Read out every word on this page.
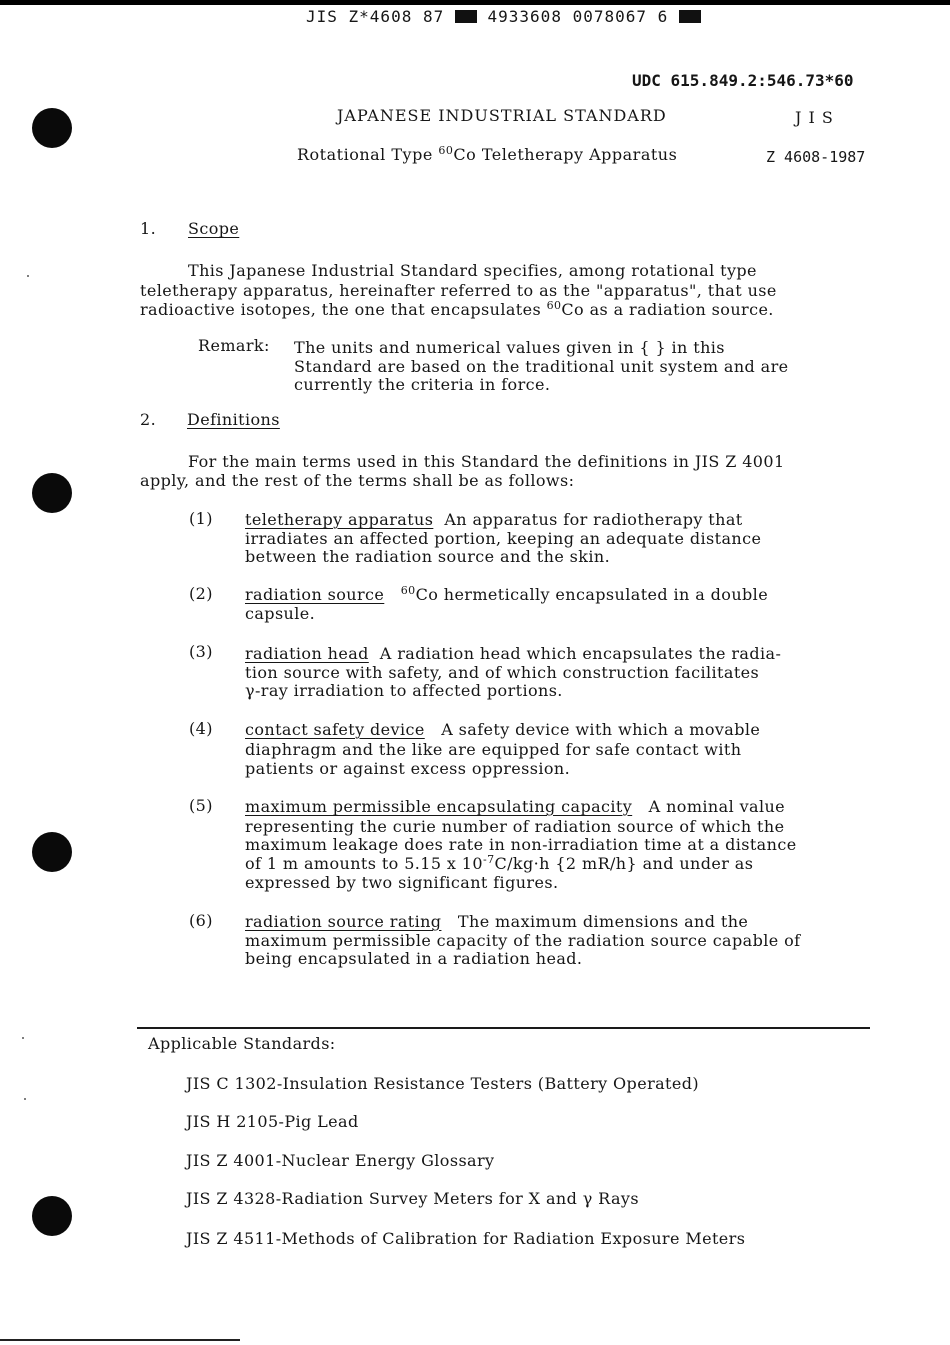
JIS Z*4608 87	4933608 0078067 6
UDC 615.849.2:546.73*60
JAPANESE INDUSTRIAL STANDARD	J I S
Rotational Type $^{60}$Co Teletherapy Apparatus	Z 4608-1987
1. Scope
This Japanese Industrial Standard specifies, among rotational type
teletherapy apparatus, hereinafter referred to as the "apparatus", that use
radioactive isotopes, the one that encapsulates $^{60}$Co as a radiation source.
Remark: The units and numerical values given in { } in this
Standard are based on the traditional unit system and are
currently the criteria in force.
2. Definitions
For the main terms used in this Standard the definitions in JIS Z 4001
apply, and the rest of the terms shall be as follows:
(1) teletherapy apparatus An apparatus for radiotherapy that
irradiates an affected portion, keeping an adequate distance
between the radiation source and the skin.
(2) radiation source $^{60}$Co hermetically encapsulated in a double
capsule.
(3) radiation head A radiation head which encapsulates the radia-
tion source with safety, and of which construction facilitates
γ-ray irradiation to affected portions.
(4) contact safety device A safety device with which a movable
diaphragm and the like are equipped for safe contact with
patients or against excess oppression.
(5) maximum permissible encapsulating capacity A nominal value
representing the curie number of radiation source of which the
maximum leakage does rate in non-irradiation time at a distance
of 1 m amounts to 5.15 x $10^{-7}C/kg\cdot h$ {2 mR/h} and under as
expressed by two significant figures.
(6) radiation source rating The maximum dimensions and the
maximum permissible capacity of the radiation source capable of
being encapsulated in a radiation head.
Applicable Standards:
JIS C 1302-Insulation Resistance Testers (Battery Operated)
JIS H 2105-Pig Lead
JIS Z 4001-Nuclear Energy Glossary
JIS Z 4328-Radiation Survey Meters for X and γ Rays
JIS Z 4511-Methods of Calibration for Radiation Exposure Meters
